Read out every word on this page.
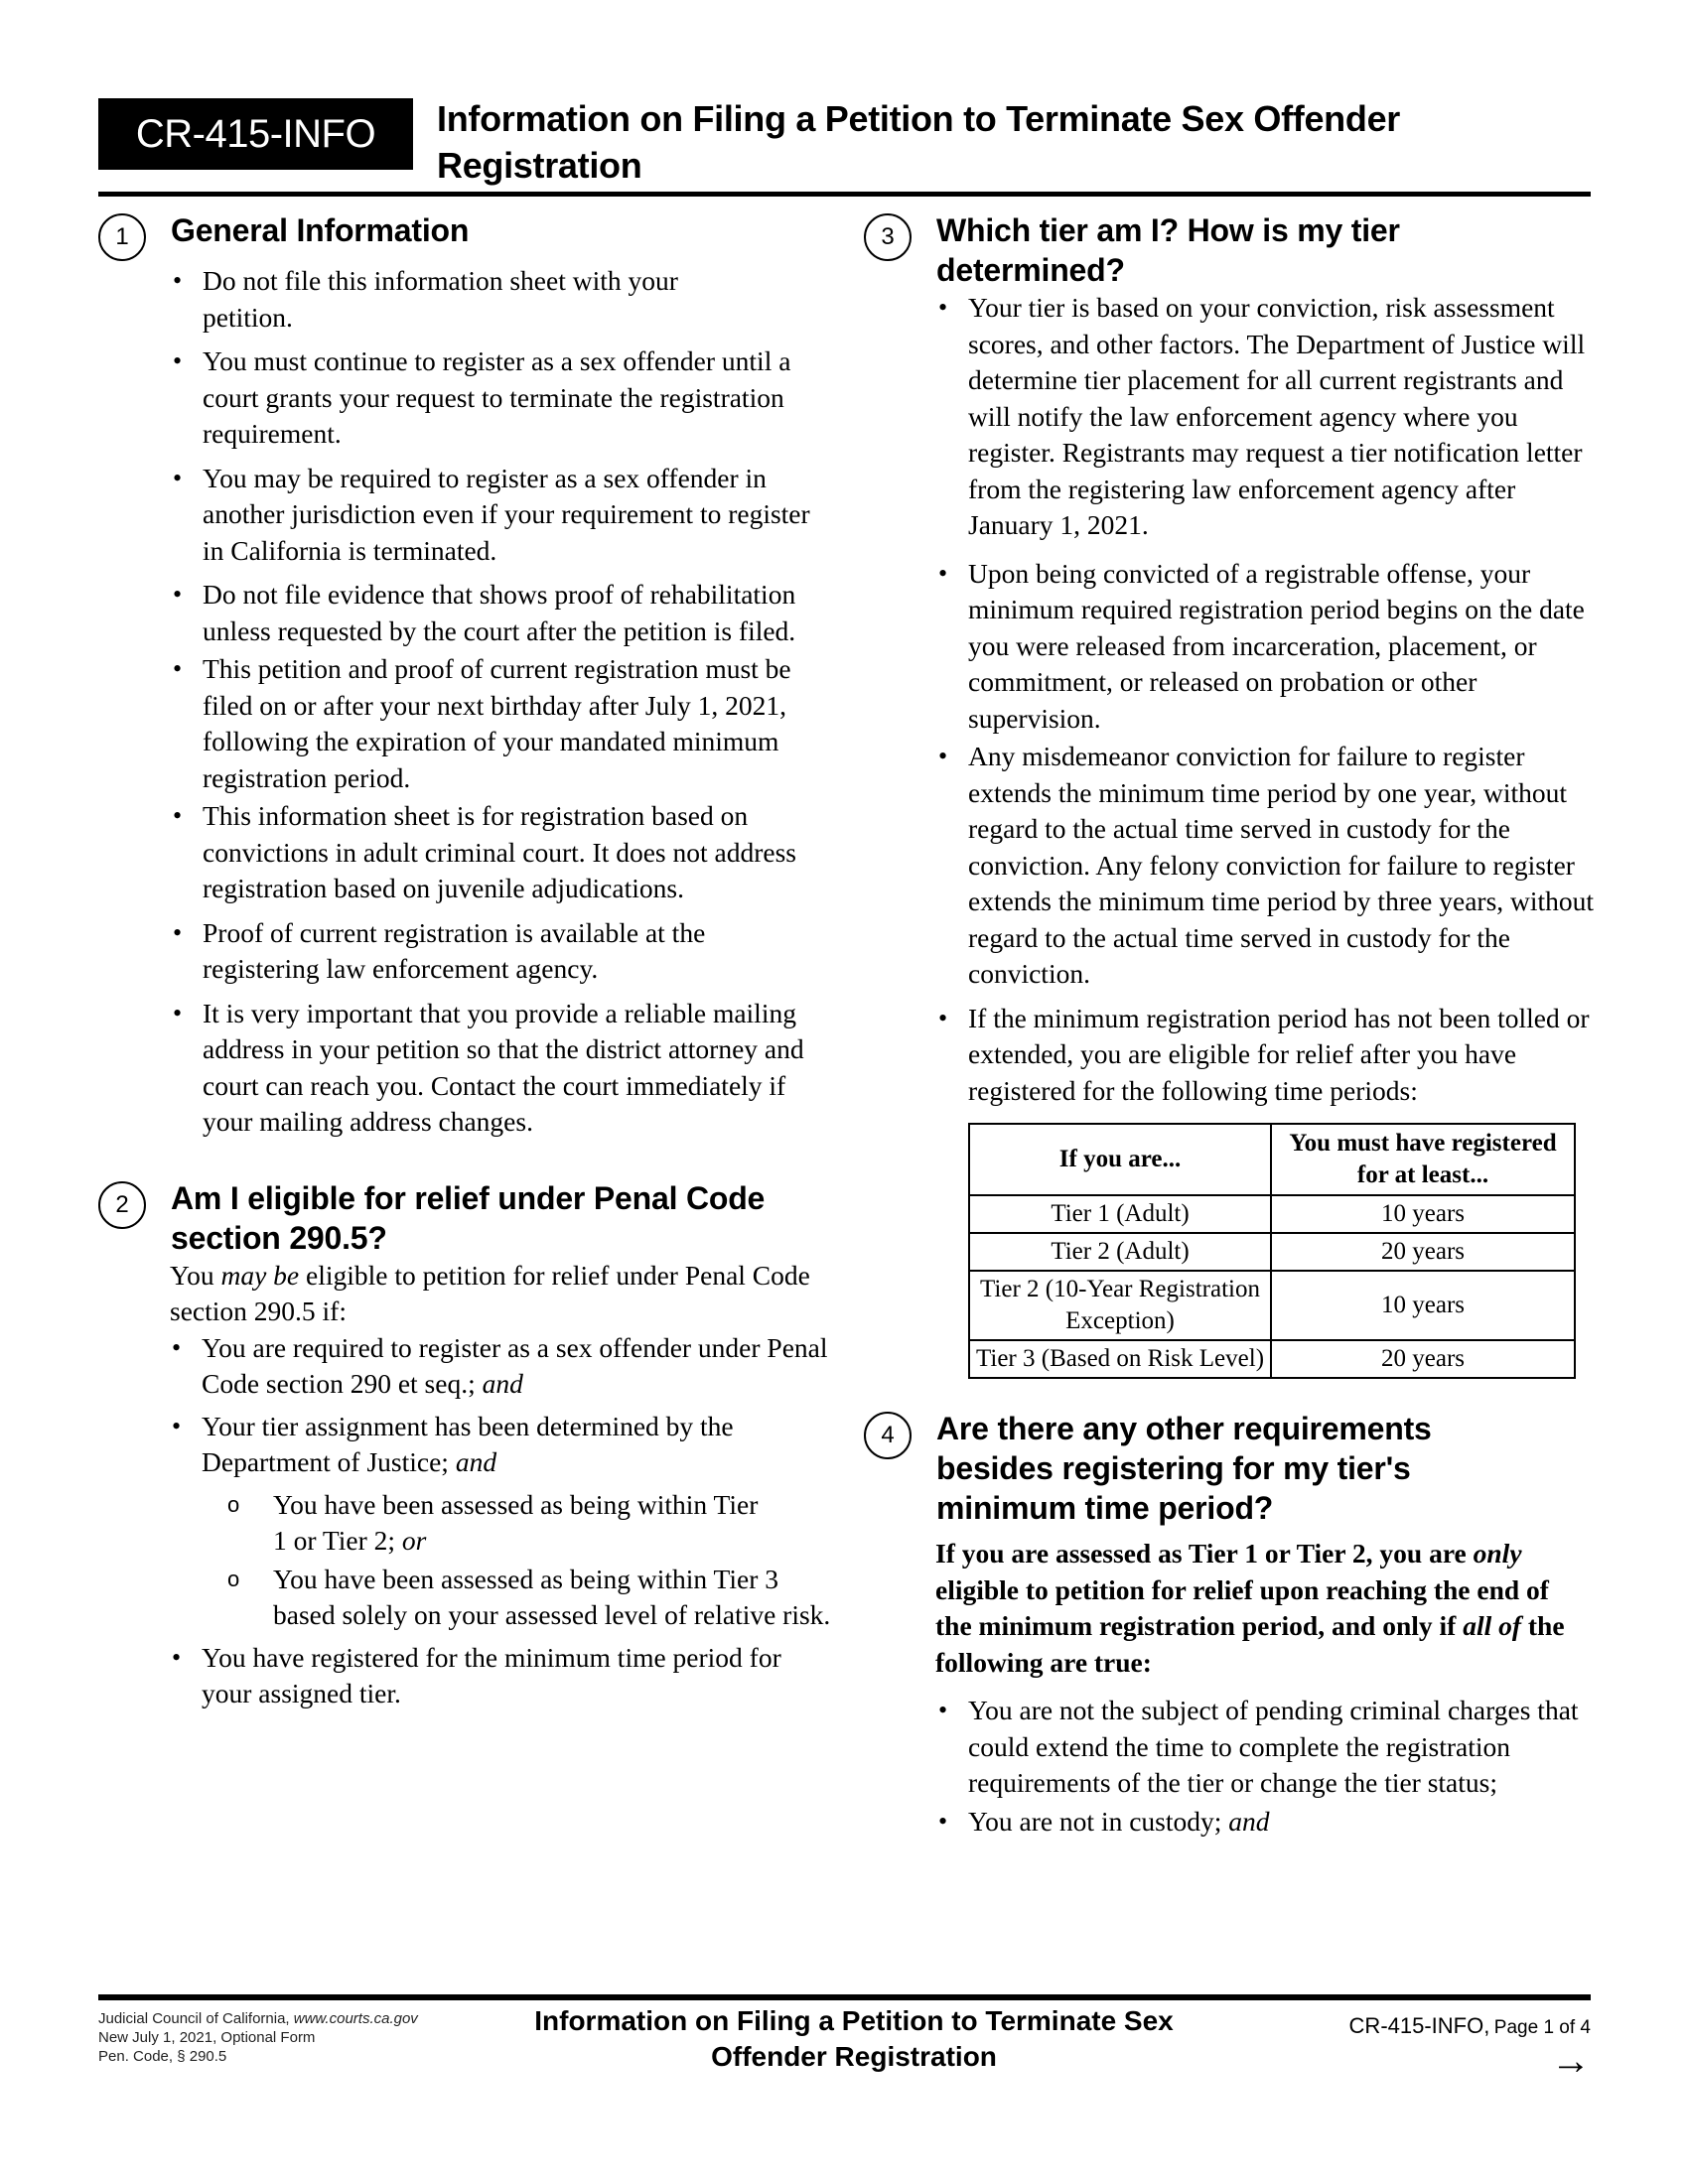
CR-415-INFO Information on Filing a Petition to Terminate Sex Offender
Registration
1 General Information
• Do not file this information sheet with your petition.
• You must continue to register as a sex offender until a court grants your request to terminate the registration requirement.
• You may be required to register as a sex offender in another jurisdiction even if your requirement to register in California is terminated.
• Do not file evidence that shows proof of rehabilitation unless requested by the court after the petition is filed.
• This petition and proof of current registration must be filed on or after your next birthday after July 1, 2021, following the expiration of your mandated minimum registration period.
• This information sheet is for registration based on convictions in adult criminal court. It does not address registration based on juvenile adjudications.
• Proof of current registration is available at the registering law enforcement agency.
• It is very important that you provide a reliable mailing address in your petition so that the district attorney and court can reach you. Contact the court immediately if your mailing address changes.
2 Am I eligible for relief under Penal Code
section 290.5?
You may be eligible to petition for relief under Penal Code section 290.5 if:
• You are required to register as a sex offender under Penal Code section 290 et seq.; and
• Your tier assignment has been determined by the Department of Justice; and
o You have been assessed as being within Tier 1 or Tier 2; or
o You have been assessed as being within Tier 3 based solely on your assessed level of relative risk.
• You have registered for the minimum time period for your assigned tier.
3 Which tier am I? How is my tier
determined?
• Your tier is based on your conviction, risk assessment scores, and other factors. The Department of Justice will determine tier placement for all current registrants and will notify the law enforcement agency where you register. Registrants may request a tier notification letter from the registering law enforcement agency after January 1, 2021.
• Upon being convicted of a registrable offense, your minimum required registration period begins on the date you were released from incarceration, placement, or commitment, or released on probation or other supervision.
• Any misdemeanor conviction for failure to register extends the minimum time period by one year, without regard to the actual time served in custody for the conviction. Any felony conviction for failure to register extends the minimum time period by three years, without regard to the actual time served in custody for the conviction.
• If the minimum registration period has not been tolled or extended, you are eligible for relief after you have registered for the following time periods:
If you are...	You must have registered for at least...
Tier 1 (Adult)	10 years
Tier 2 (Adult)	20 years
Tier 2 (10-Year Registration Exception)	10 years
Tier 3 (Based on Risk Level)	20 years
4 Are there any other requirements
besides registering for my tier's
minimum time period?
If you are assessed as Tier 1 or Tier 2, you are only eligible to petition for relief upon reaching the end of the minimum registration period, and only if all of the following are true:
• You are not the subject of pending criminal charges that could extend the time to complete the registration requirements of the tier or change the tier status;
• You are not in custody; and
Judicial Council of California, www.courts.ca.gov
New July 1, 2021, Optional Form
Pen. Code, § 290.5
Information on Filing a Petition to Terminate Sex
Offender Registration
CR-415-INFO, Page 1 of 4
→
